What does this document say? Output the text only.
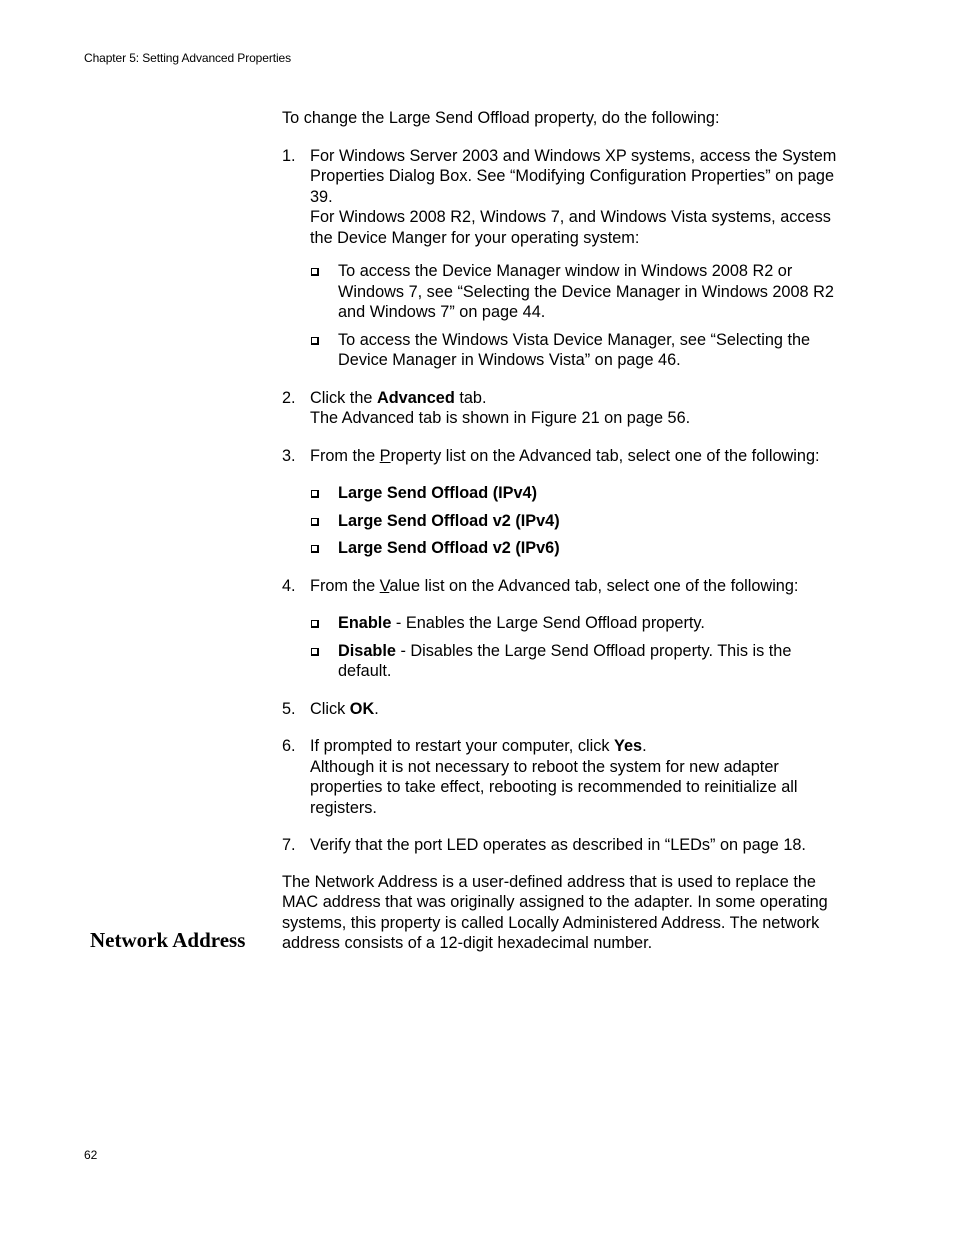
Chapter 5: Setting Advanced Properties

To change the Large Send Offload property, do the following:

1. For Windows Server 2003 and Windows XP systems, access the System Properties Dialog Box. See “Modifying Configuration Properties” on page 39.

For Windows 2008 R2, Windows 7, and Windows Vista systems, access the Device Manger for your operating system:

To access the Device Manager window in Windows 2008 R2 or Windows 7, see “Selecting the Device Manager in Windows 2008 R2 and Windows 7” on page 44.
To access the Windows Vista Device Manager, see “Selecting the Device Manager in Windows Vista” on page 46.
2. Click the Advanced tab.

The Advanced tab is shown in Figure 21 on page 56.

3. From the Property list on the Advanced tab, select one of the following:

Large Send Offload (IPv4)
Large Send Offload v2 (IPv4)
Large Send Offload v2 (IPv6)
4. From the Value list on the Advanced tab, select one of the following:

Enable - Enables the Large Send Offload property.
Disable - Disables the Large Send Offload property. This is the default.
5. Click OK.

6. If prompted to restart your computer, click Yes.

Although it is not necessary to reboot the system for new adapter properties to take effect, rebooting is recommended to reinitialize all registers.

7. Verify that the port LED operates as described in “LEDs” on page 18.

The Network Address is a user-defined address that is used to replace the MAC address that was originally assigned to the adapter. In some operating systems, this property is called Locally Administered Address. The network address consists of a 12-digit hexadecimal number.

Network Address
62
